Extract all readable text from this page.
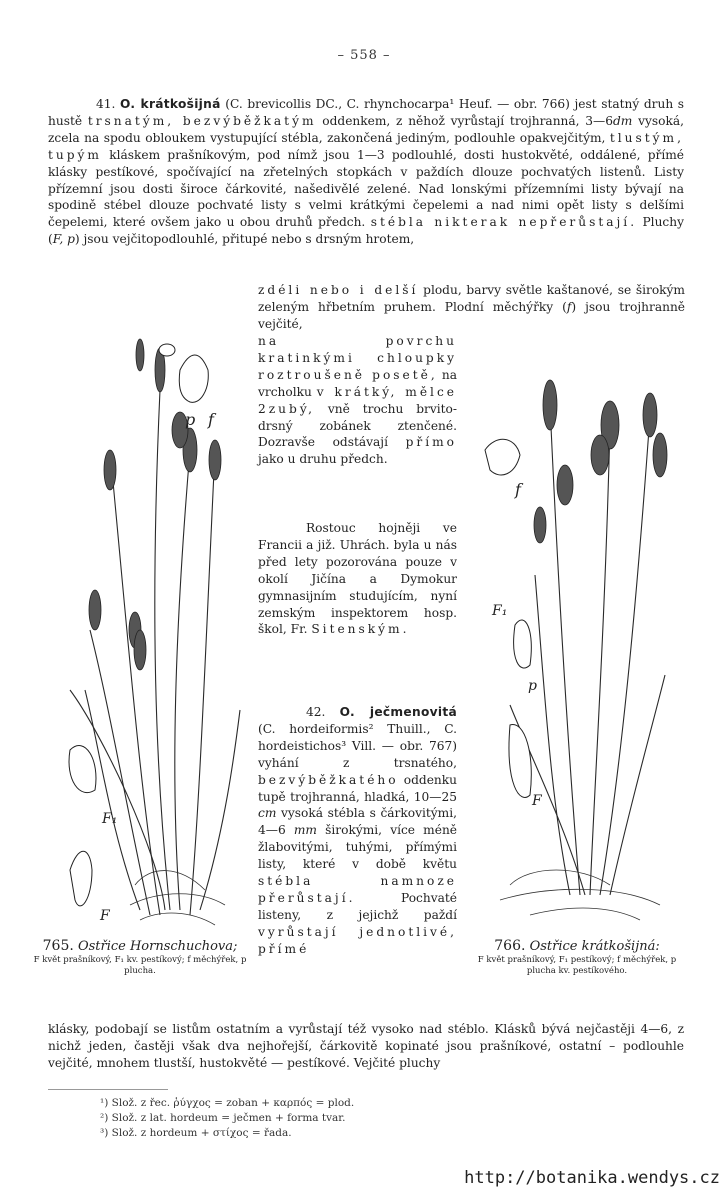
– 558 –
41. O. krátkošijná (C. brevicollis DC., C. rhynchocarpa¹ Heuf. — obr. 766) jest statný druh s hustě trsnatým, bezvýběžkatým oddenkem, z něhož vyrůstají trojhranná, 3—6dm vysoká, zcela na spodu obloukem vystupující stébla, zakončená jediným, podlouhle opakvejčitým, tlustým, tupým kláskem prašníkovým, pod nímž jsou 1—3 podlouhlé, dosti hustokvěté, oddálené, přímé klásky pestíkové, spočívající na zřetelných stopkách v paždích dlouze pochvatých listenů. Listy přízemní jsou dosti široce čárkovité, našedivělé zelené. Nad lonskými přízemními listy bývají na spodině stébel dlouze pochvaté listy s velmi krátkými čepelemi a nad nimi opět listy s delšími čepelemi, které ovšem jako u obou druhů předch. stébla nikterak nepřerůstají. Pluchy (F, p) jsou vejčitopodlouhlé, přitupé nebo s drsným hrotem,
zdéli nebo i delší plodu, barvy světle kaštanové, se širokým zeleným hřbetním pruhem. Plodní měchýřky (f) jsou trojhranně vejčité,
na povrchu kratinkými chloupky roztroušeně posetě, na vrcholku v krátký, mělce 2zubý, vně trochu brvito-drsný zobánek ztenčené. Dozravše odstávají přímo jako u druhu předch.
Rostouc hojněji ve Francii a již. Uhrách. byla u nás před lety pozorována pouze v okolí Jičína a Dymokur gymnasijním studujícím, nyní zemským inspektorem hosp. škol, Fr. Sitenským.
42. O. ječmenovitá (C. hordeiformis² Thuill., C. hordeistichos³ Vill. — obr. 767) vyhání z trsnatého, bezvýběžkatého oddenku tupě trojhranná, hladká, 10—25 cm vysoká stébla s čárkovitými, 4—6 mm širokými, více méně žlabovitými, tuhými, přímými listy, které v době květu stébla namnoze přerůstají.	Pochvaté listeny, z jejichž paždí vyrůstají jednotlivé, přímé
klásky, podobají se listům ostatním a vyrůstají též vysoko nad stéblo. Klásků bývá nejčastěji 4—6, z nichž jeden, častěji však dva nejhořejší, čárkovitě kopinaté jsou prašníkové, ostatní – podlouhle vejčité, mnohem tlustší, hustokvěté — pestíkové. Vejčité pluchy
p f
F₁
F
765. Ostřice Hornschuchova;
F květ prašníkový, F₁ kv. pestíkový; f měchýřek, p plucha.
f
F₁
p
F
766. Ostřice krátkošijná:
F květ prašníkový, F₁ pestíkový; f měchýřek, p plucha kv. pestíkového.
¹) Slož. z řec. ῥύγχος = zoban + καρπός = plod.
²) Slož. z lat. hordeum = ječmen + forma tvar.
³) Slož. z hordeum + στίχος = řada.
http://botanika.wendys.cz
